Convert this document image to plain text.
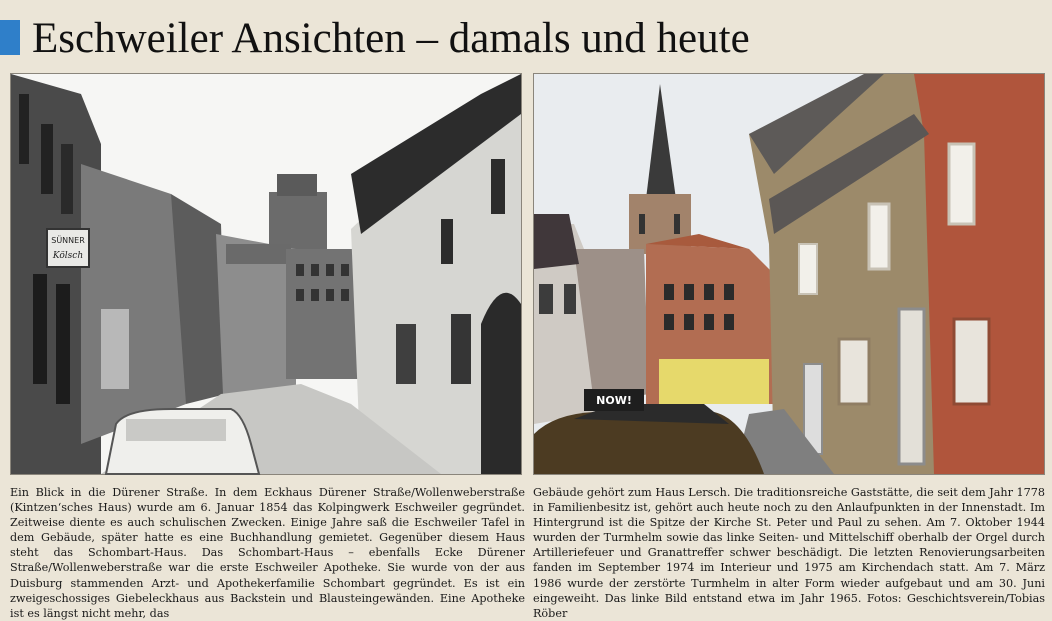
Eschweiler Ansichten – damals und heute
SÜNNER
Kölsch
NOW!
Ein Blick in die Dürener Straße. In dem Eckhaus Dürener Straße/Wollenweberstraße (Kintzen‘sches Haus) wurde am 6. Januar 1854 das Kolpingwerk Eschweiler gegründet. Zeitweise diente es auch schulischen Zwecken. Einige Jahre saß die Eschweiler Tafel in dem Gebäude, später hatte es eine Buchhandlung gemietet. Gegenüber diesem Haus steht das Schombart-Haus. Das Schombart-Haus – ebenfalls Ecke Dürener Straße/Wollenweberstraße war die erste Eschweiler Apotheke. Sie wurde von der aus Duisburg stammenden Arzt- und Apothekerfamilie Schombart gegründet. Es ist ein zweigeschossiges Giebeleckhaus aus Backstein und Blausteingewänden. Eine Apotheke ist es längst nicht mehr, das
Gebäude gehört zum Haus Lersch. Die traditionsreiche Gaststätte, die seit dem Jahr 1778 in Familienbesitz ist, gehört auch heute noch zu den Anlaufpunkten in der Innenstadt. Im Hintergrund ist die Spitze der Kirche St. Peter und Paul zu sehen. Am 7. Oktober 1944 wurden der Turmhelm sowie das linke Seiten- und Mittelschiff oberhalb der Orgel durch Artilleriefeuer und Granattreffer schwer beschädigt. Die letzten Renovierungsarbeiten fanden im September 1974 im Interieur und 1975 am Kirchendach statt. Am 7. März 1986 wurde der zerstörte Turmhelm in alter Form wieder aufgebaut und am 30. Juni eingeweiht. Das linke Bild entstand etwa im Jahr 1965. Fotos: Geschichtsverein/Tobias Röber
